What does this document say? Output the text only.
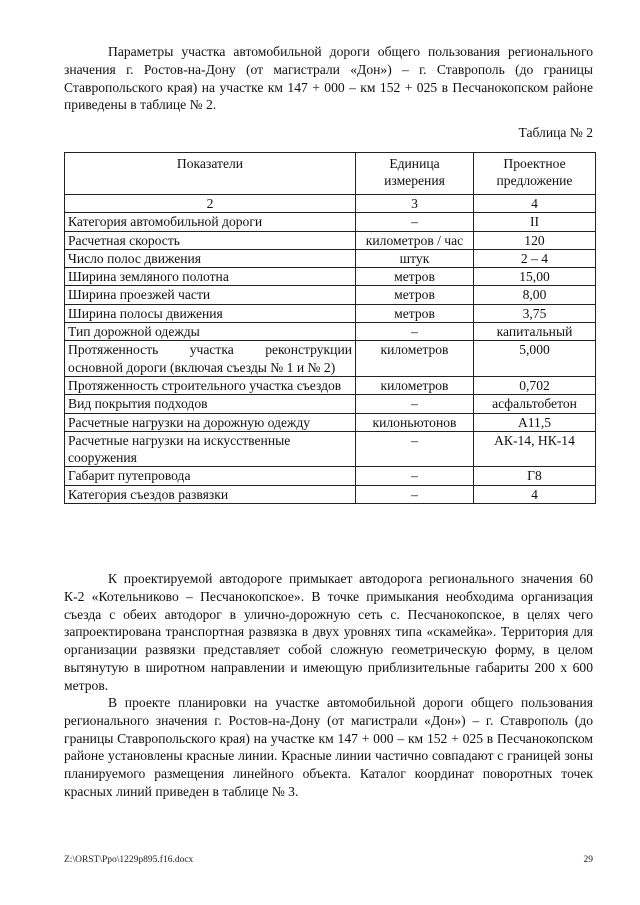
Параметры участка автомобильной дороги общего пользования регионального значения г. Ростов-на-Дону (от магистрали «Дон») – г. Ставрополь (до границы Ставропольского края) на участке км 147 + 000 – км 152 + 025 в Песчанокопском районе приведены в таблице № 2.

Таблица № 2

Показатели	Единица измерения	Проектное предложение
2	3	4
Категория автомобильной дороги	–	II
Расчетная скорость	километров / час	120
Число полос движения	штук	2 – 4
Ширина земляного полотна	метров	15,00
Ширина проезжей части	метров	8,00
Ширина полосы движения	метров	3,75
Тип дорожной одежды	–	капитальный
Протяженность участка реконструкции основной дороги (включая съезды № 1 и № 2)	километров	5,000
Протяженность строительного участка съездов	километров	0,702
Вид покрытия подходов	–	асфальтобетон
Расчетные нагрузки на дорожную одежду	килоньютонов	А11,5
Расчетные нагрузки на искусственные сооружения	–	АК-14, НК-14
Габарит путепровода	–	Г8
Категория съездов развязки	–	4

К проектируемой автодороге примыкает автодорога регионального значения 60 К-2 «Котельниково – Песчанокопское». В точке примыкания необходима организация съезда с обеих автодорог в улично-дорожную сеть с. Песчанокопское, в целях чего запроектирована транспортная развязка в двух уровнях типа «скамейка». Территория для организации развязки представляет собой сложную геометрическую форму, в целом вытянутую в широтном направлении и имеющую приблизительные габариты 200 х 600 метров.

В проекте планировки на участке автомобильной дороги общего пользования регионального значения г. Ростов-на-Дону (от магистрали «Дон») – г. Ставрополь (до границы Ставропольского края) на участке км 147 + 000 – км 152 + 025 в Песчанокопском районе установлены красные линии. Красные линии частично совпадают с границей зоны планируемого размещения линейного объекта. Каталог координат поворотных точек красных линий приведен в таблице № 3.

Z:\ORST\Ppo\1229p895.f16.docx	29
